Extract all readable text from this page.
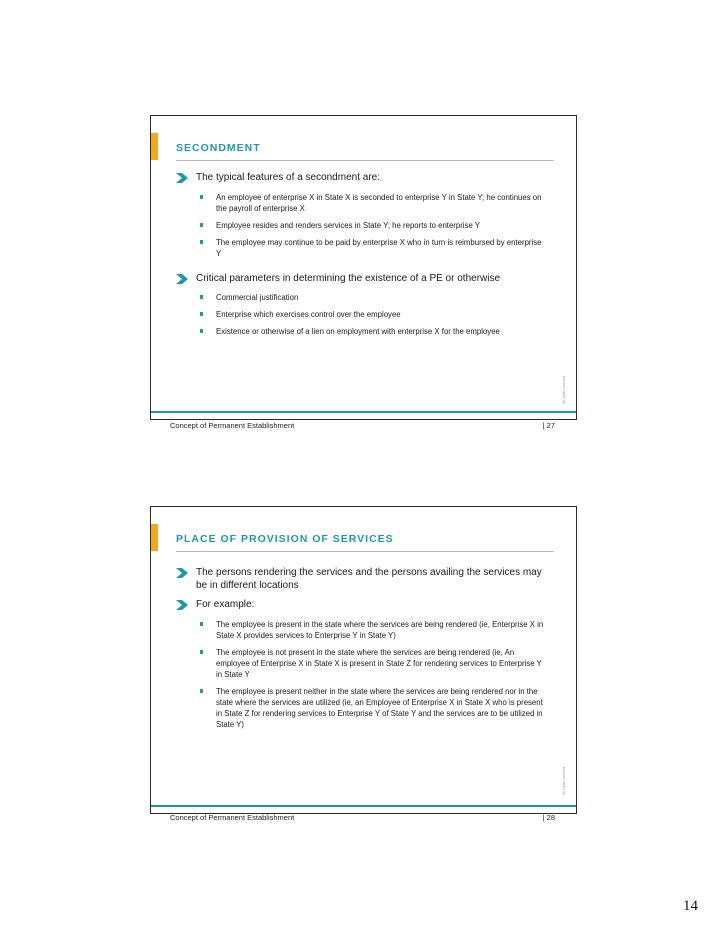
SECONDMENT
The typical features of a secondment are:
An employee of enterprise X in State X is seconded to enterprise Y in State Y; he continues on the payroll of enterprise X
Employee resides and renders services in State Y; he reports to enterprise Y
The employee may continue to be paid by enterprise X who in turn is reimbursed by enterprise Y
Critical parameters in determining the existence of a PE or otherwise
Commercial justification
Enterprise which exercises control over the employee
Existence or otherwise of a lien on employment with enterprise X for the employee
All rights reserved
Concept of Permanent Establishment	| 27
PLACE OF PROVISION OF SERVICES
The persons rendering the services and the persons availing the services may be in different locations
For example:
The employee is present in the state where the services are being rendered (ie, Enterprise X in State X provides services to Enterprise Y in State Y)
The employee is not present in the state where the services are being rendered (ie, An employee of Enterprise X in State X is present in State Z for rendering services to Enterprise Y in State Y
The employee is present neither in the state where the services are being rendered nor in the state where the services are utilized (ie, an Employee of Enterprise X in State X who is present in State Z for rendering services to Enterprise Y of State Y and the services are to be utilized in State Y)
All rights reserved
Concept of Permanent Establishment	| 28
14
